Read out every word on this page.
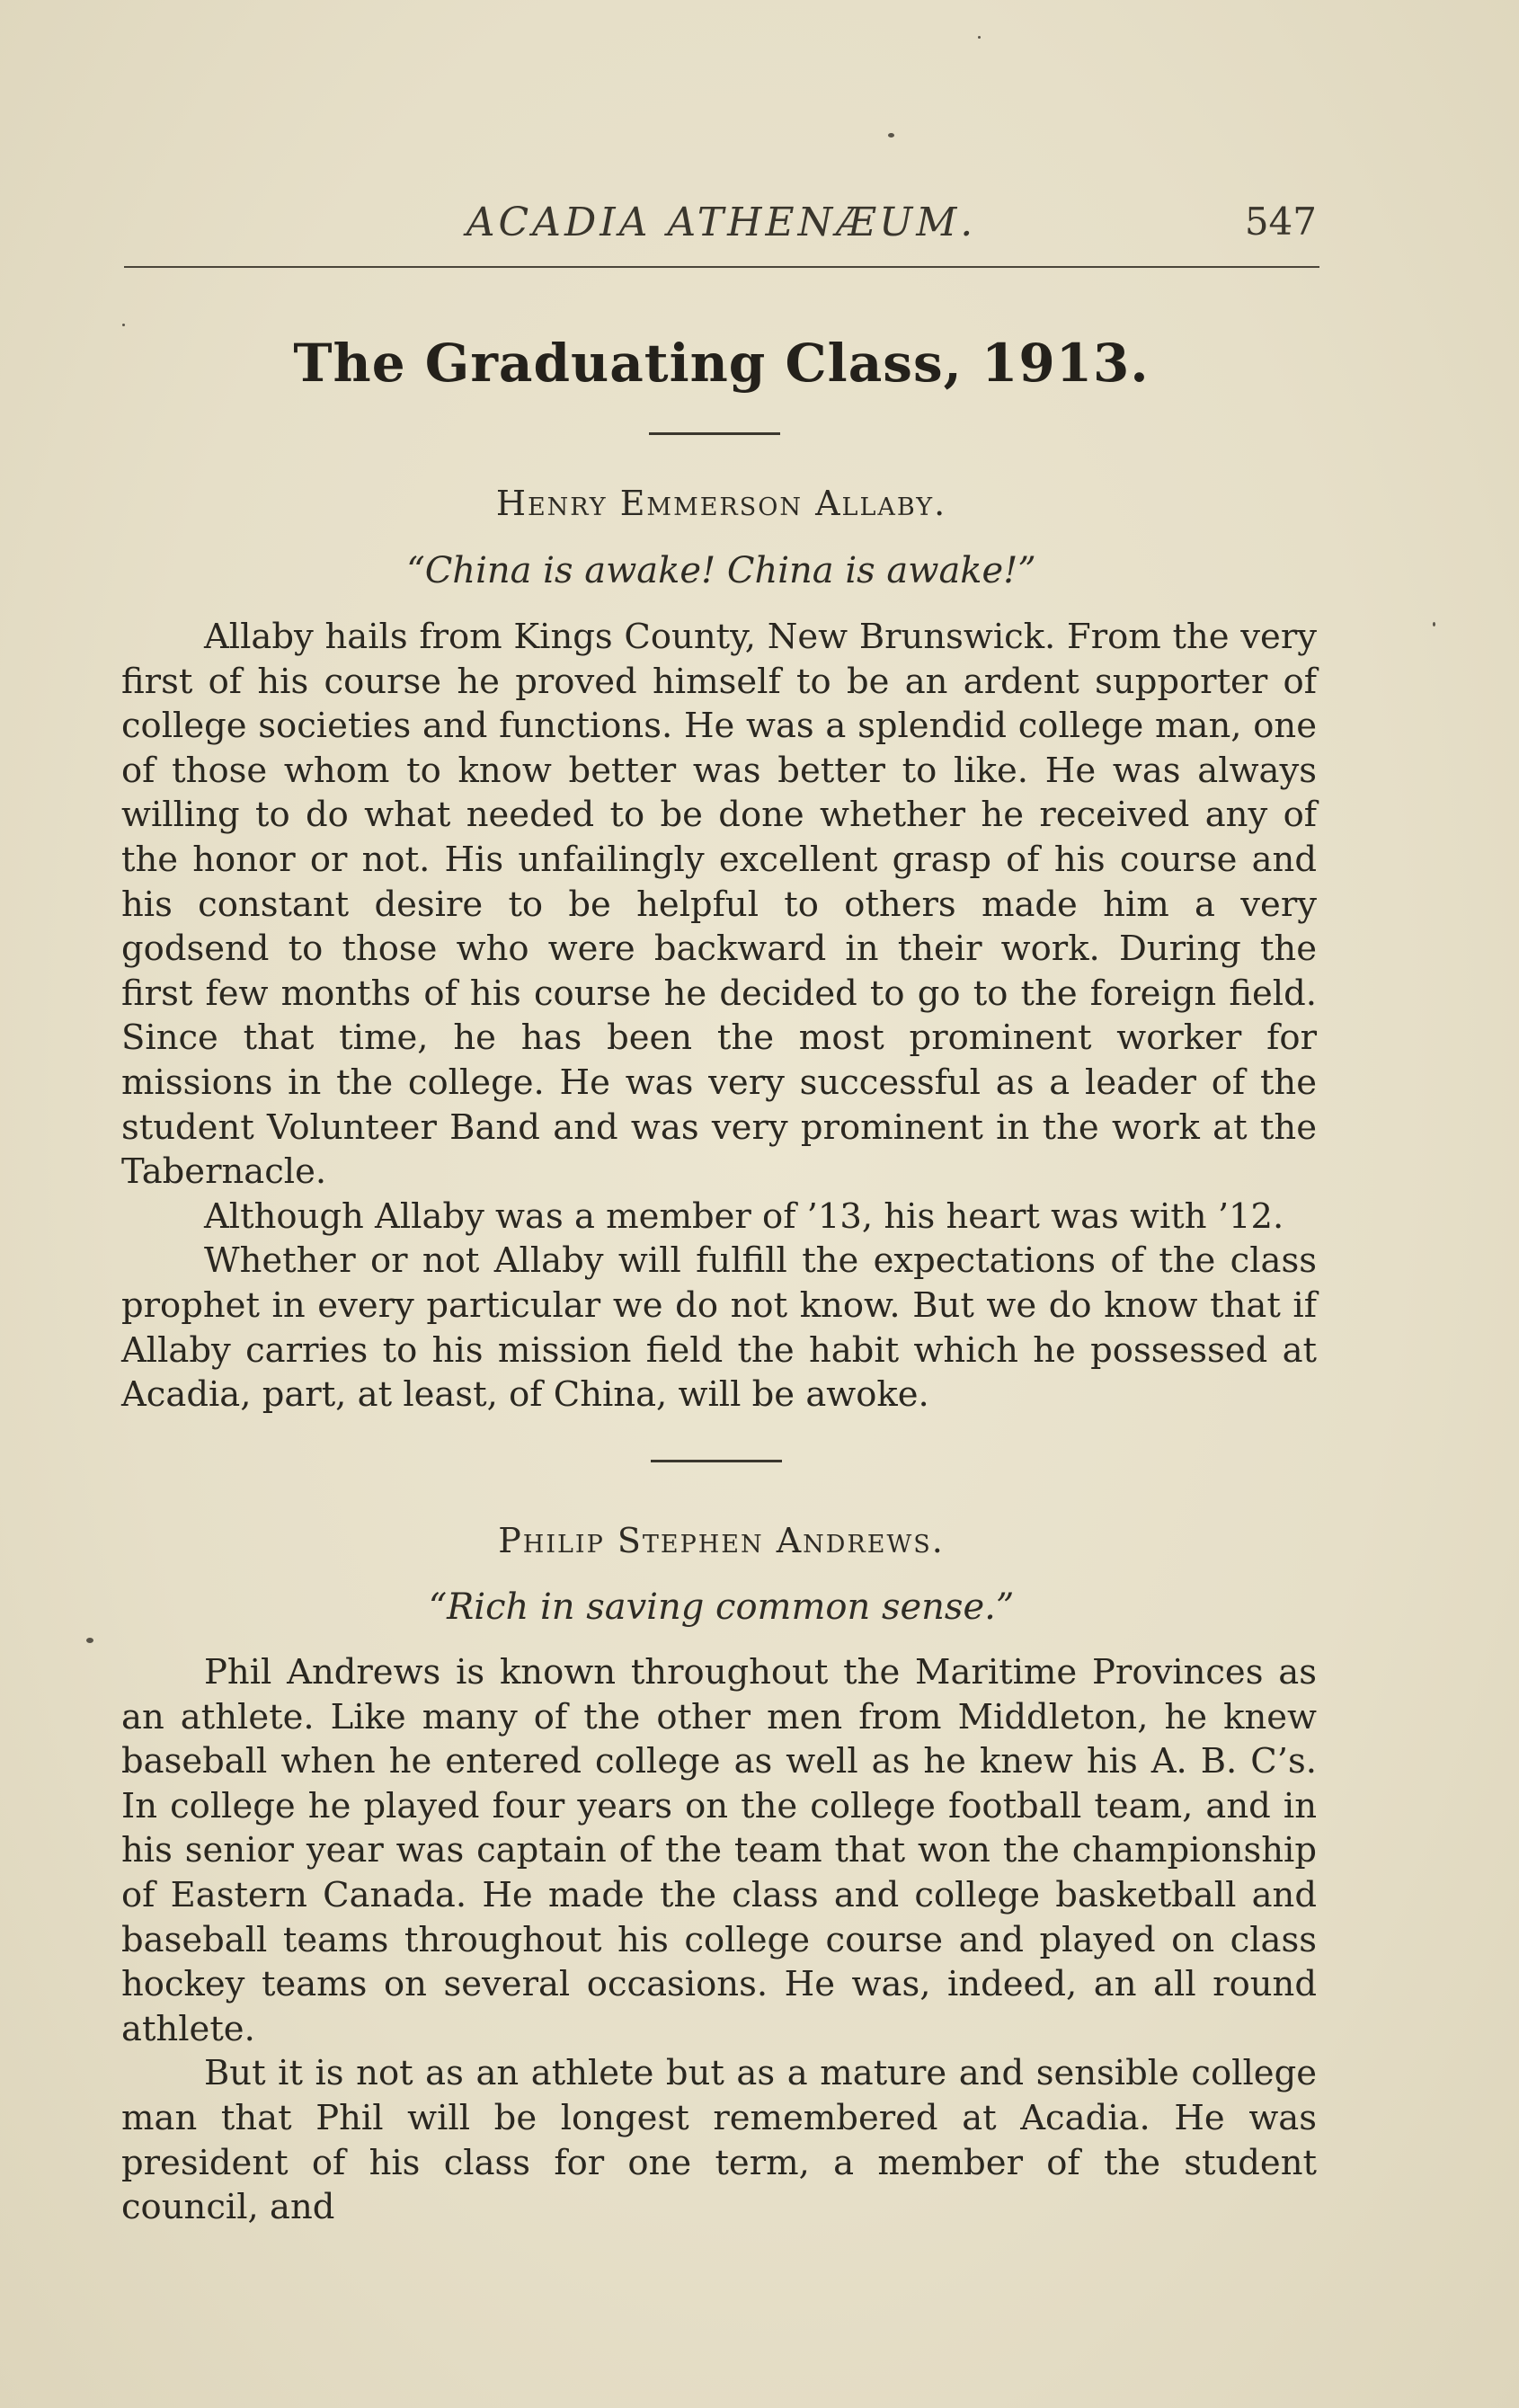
ACADIA ATHENÆUM.	547
The Graduating Class, 1913.
Henry Emmerson Allaby.
“China is awake! China is awake!”

Allaby hails from Kings County, New Brunswick. From the very first of his course he proved himself to be an ardent supporter of college societies and functions. He was a splendid college man, one of those whom to know better was better to like. He was always willing to do what needed to be done whether he received any of the honor or not. His unfailingly excellent grasp of his course and his constant desire to be helpful to others made him a very godsend to those who were backward in their work. During the first few months of his course he decided to go to the foreign field. Since that time, he has been the most prominent worker for missions in the college. He was very successful as a leader of the student Volunteer Band and was very prominent in the work at the Tabernacle.

Although Allaby was a member of ’13, his heart was with ’12.

Whether or not Allaby will fulfill the expectations of the class prophet in every particular we do not know. But we do know that if Allaby carries to his mission field the habit which he possessed at Acadia, part, at least, of China, will be awoke.

Philip Stephen Andrews.
“Rich in saving common sense.”

Phil Andrews is known throughout the Maritime Provinces as an athlete. Like many of the other men from Middleton, he knew baseball when he entered college as well as he knew his A. B. C’s. In college he played four years on the college football team, and in his senior year was captain of the team that won the championship of Eastern Canada. He made the class and college basketball and baseball teams throughout his college course and played on class hockey teams on several occasions. He was, indeed, an all round athlete.

But it is not as an athlete but as a mature and sensible college man that Phil will be longest remembered at Acadia. He was president of his class for one term, a member of the student council, and
